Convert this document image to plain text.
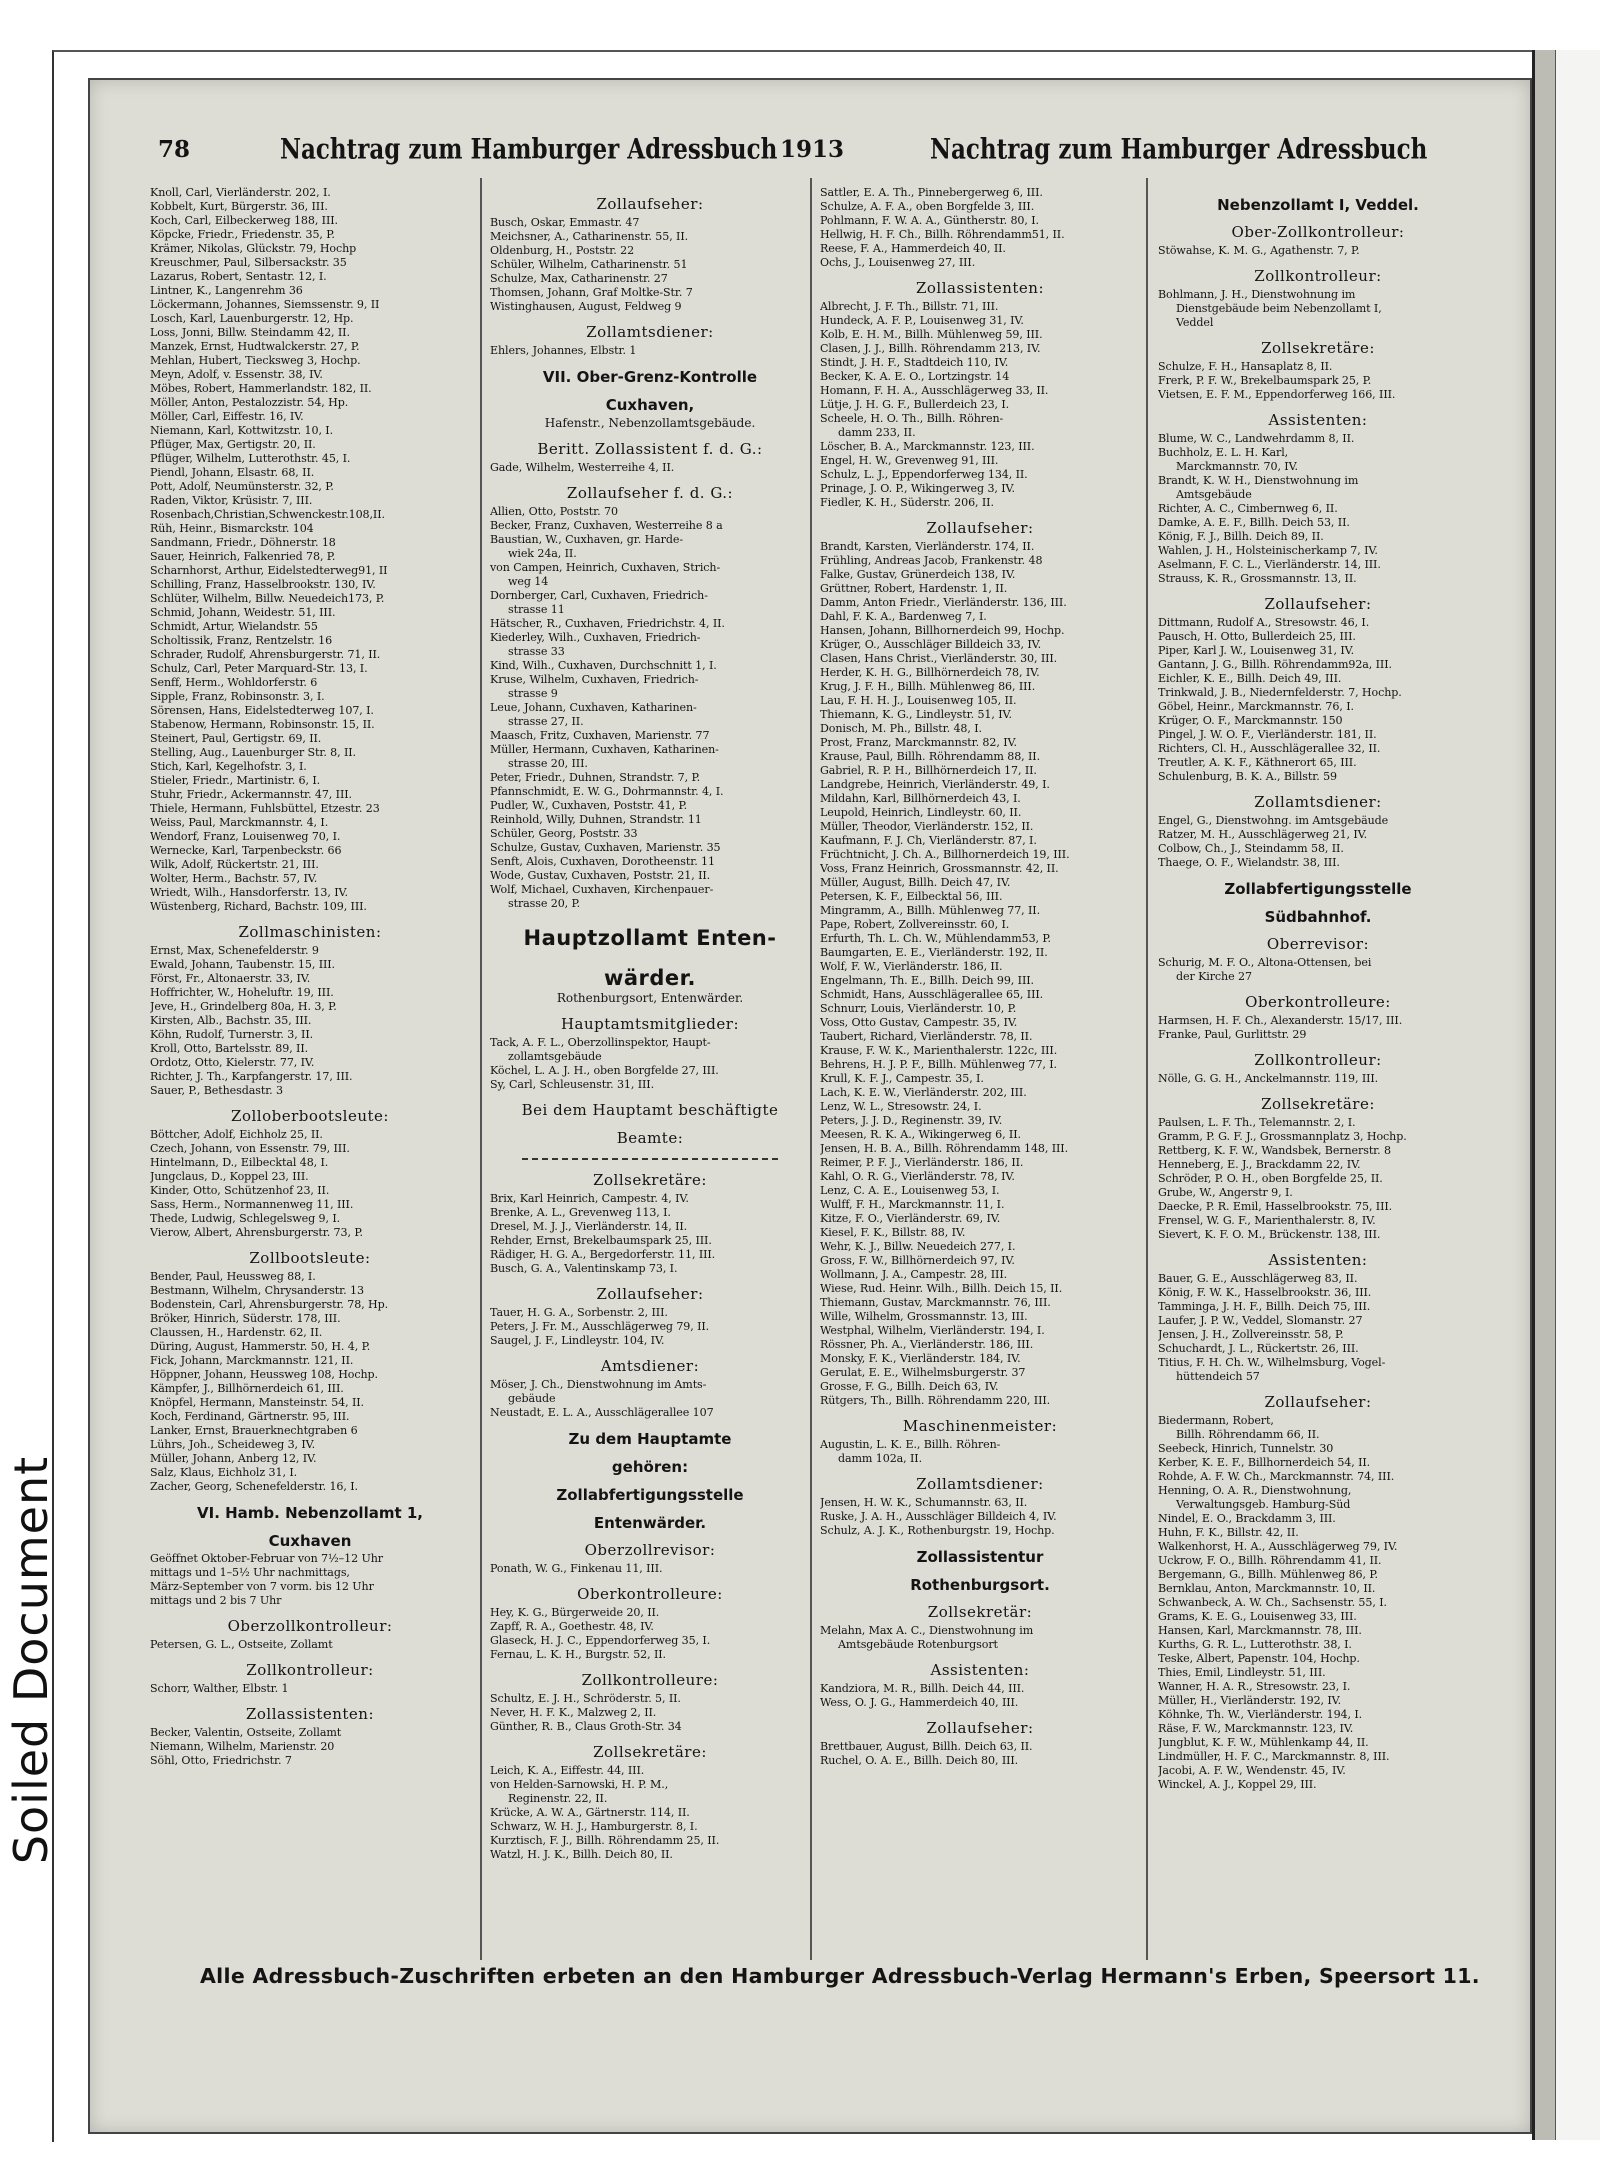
Soiled Document
78	Nachtrag zum Hamburger Adressbuch 1913	Nachtrag zum Hamburger Adressbuch
Knoll, Carl, Vierländerstr. 202, I.
Kobbelt, Kurt, Bürgerstr. 36, III.
Koch, Carl, Eilbeckerweg 188, III.
Köpcke, Friedr., Friedenstr. 35, P.
Krämer, Nikolas, Glückstr. 79, Hochp
Kreuschmer, Paul, Silbersackstr. 35
Lazarus, Robert, Sentastr. 12, I.
Lintner, K., Langenrehm 36
Löckermann, Johannes, Siemssenstr. 9, II
Losch, Karl, Lauenburgerstr. 12, Hp.
Loss, Jonni, Billw. Steindamm 42, II.
Manzek, Ernst, Hudtwalckerstr. 27, P.
Mehlan, Hubert, Tiecksweg 3, Hochp.
Meyn, Adolf, v. Essenstr. 38, IV.
Möbes, Robert, Hammerlandstr. 182, II.
Möller, Anton, Pestalozzistr. 54, Hp.
Möller, Carl, Eiffestr. 16, IV.
Niemann, Karl, Kottwitzstr. 10, I.
Pflüger, Max, Gertigstr. 20, II.
Pflüger, Wilhelm, Lutterothstr. 45, I.
Piendl, Johann, Elsastr. 68, II.
Pott, Adolf, Neumünsterstr. 32, P.
Raden, Viktor, Krüsistr. 7, III.
Rosenbach,Christian,Schwenckestr.108,II.
Rüh, Heinr., Bismarckstr. 104
Sandmann, Friedr., Döhnerstr. 18
Sauer, Heinrich, Falkenried 78, P.
Scharnhorst, Arthur, Eidelstedterweg91, II
Schilling, Franz, Hasselbrookstr. 130, IV.
Schlüter, Wilhelm, Billw. Neuedeich173, P.
Schmid, Johann, Weidestr. 51, III.
Schmidt, Artur, Wielandstr. 55
Scholtissik, Franz, Rentzelstr. 16
Schrader, Rudolf, Ahrensburgerstr. 71, II.
Schulz, Carl, Peter Marquard-Str. 13, I.
Senff, Herm., Wohldorferstr. 6
Sipple, Franz, Robinsonstr. 3, I.
Sörensen, Hans, Eidelstedterweg 107, I.
Stabenow, Hermann, Robinsonstr. 15, II.
Steinert, Paul, Gertigstr. 69, II.
Stelling, Aug., Lauenburger Str. 8, II.
Stich, Karl, Kegelhofstr. 3, I.
Stieler, Friedr., Martinistr. 6, I.
Stuhr, Friedr., Ackermannstr. 47, III.
Thiele, Hermann, Fuhlsbüttel, Etzestr. 23
Weiss, Paul, Marckmannstr. 4, I.
Wendorf, Franz, Louisenweg 70, I.
Wernecke, Karl, Tarpenbeckstr. 66
Wilk, Adolf, Rückertstr. 21, III.
Wolter, Herm., Bachstr. 57, IV.
Wriedt, Wilh., Hansdorferstr. 13, IV.
Wüstenberg, Richard, Bachstr. 109, III.
Zollmaschinisten:
Ernst, Max, Schenefelderstr. 9
Ewald, Johann, Taubenstr. 15, III.
Först, Fr., Altonaerstr. 33, IV.
Hoffrichter, W., Hoheluftr. 19, III.
Jeve, H., Grindelberg 80a, H. 3, P.
Kirsten, Alb., Bachstr. 35, III.
Köhn, Rudolf, Turnerstr. 3, II.
Kroll, Otto, Bartelsstr. 89, II.
Ordotz, Otto, Kielerstr. 77, IV.
Richter, J. Th., Karpfangerstr. 17, III.
Sauer, P., Bethesdastr. 3
Zolloberbootsleute:
Böttcher, Adolf, Eichholz 25, II.
Czech, Johann, von Essenstr. 79, III.
Hintelmann, D., Eilbecktal 48, I.
Jungclaus, D., Koppel 23, III.
Kinder, Otto, Schützenhof 23, II.
Sass, Herm., Normannenweg 11, III.
Thede, Ludwig, Schlegelsweg 9, I.
Vierow, Albert, Ahrensburgerstr. 73, P.
Zollbootsleute:
Bender, Paul, Heussweg 88, I.
Bestmann, Wilhelm, Chrysanderstr. 13
Bodenstein, Carl, Ahrensburgerstr. 78, Hp.
Bröker, Hinrich, Süderstr. 178, III.
Claussen, H., Hardenstr. 62, II.
Düring, August, Hammerstr. 50, H. 4, P.
Fick, Johann, Marckmannstr. 121, II.
Höppner, Johann, Heussweg 108, Hochp.
Kämpfer, J., Billhörnerdeich 61, III.
Knöpfel, Hermann, Mansteinstr. 54, II.
Koch, Ferdinand, Gärtnerstr. 95, III.
Lanker, Ernst, Brauerknechtgraben 6
Lührs, Joh., Scheideweg 3, IV.
Müller, Johann, Anberg 12, IV.
Salz, Klaus, Eichholz 31, I.
Zacher, Georg, Schenefelderstr. 16, I.
VI. Hamb. Nebenzollamt 1,
Cuxhaven
Geöffnet Oktober-Februar von 7½–12 Uhr
mittags und 1–5½ Uhr nachmittags,
März-September von 7 vorm. bis 12 Uhr
mittags und 2 bis 7 Uhr
Oberzollkontrolleur:
Petersen, G. L., Ostseite, Zollamt
Zollkontrolleur:
Schorr, Walther, Elbstr. 1
Zollassistenten:
Becker, Valentin, Ostseite, Zollamt
Niemann, Wilhelm, Marienstr. 20
Söhl, Otto, Friedrichstr. 7
Zollaufseher:
Busch, Oskar, Emmastr. 47
Meichsner, A., Catharinenstr. 55, II.
Oldenburg, H., Poststr. 22
Schüler, Wilhelm, Catharinenstr. 51
Schulze, Max, Catharinenstr. 27
Thomsen, Johann, Graf Moltke-Str. 7
Wistinghausen, August, Feldweg 9
Zollamtsdiener:
Ehlers, Johannes, Elbstr. 1
VII. Ober-Grenz-Kontrolle
Cuxhaven,
Hafenstr., Nebenzollamtsgebäude.
Beritt. Zollassistent f. d. G.:
Gade, Wilhelm, Westerreihe 4, II.
Zollaufseher f. d. G.:
Allien, Otto, Poststr. 70
Becker, Franz, Cuxhaven, Westerreihe 8 a
Baustian, W., Cuxhaven, gr. Harde-
wiek 24a, II.
von Campen, Heinrich, Cuxhaven, Strich-
weg 14
Dornberger, Carl, Cuxhaven, Friedrich-
strasse 11
Hätscher, R., Cuxhaven, Friedrichstr. 4, II.
Kiederley, Wilh., Cuxhaven, Friedrich-
strasse 33
Kind, Wilh., Cuxhaven, Durchschnitt 1, I.
Kruse, Wilhelm, Cuxhaven, Friedrich-
strasse 9
Leue, Johann, Cuxhaven, Katharinen-
strasse 27, II.
Maasch, Fritz, Cuxhaven, Marienstr. 77
Müller, Hermann, Cuxhaven, Katharinen-
strasse 20, III.
Peter, Friedr., Duhnen, Strandstr. 7, P.
Pfannschmidt, E. W. G., Dohrmannstr. 4, I.
Pudler, W., Cuxhaven, Poststr. 41, P.
Reinhold, Willy, Duhnen, Strandstr. 11
Schüler, Georg, Poststr. 33
Schulze, Gustav, Cuxhaven, Marienstr. 35
Senft, Alois, Cuxhaven, Dorotheenstr. 11
Wode, Gustav, Cuxhaven, Poststr. 21, II.
Wolf, Michael, Cuxhaven, Kirchenpauer-
strasse 20, P.
Hauptzollamt Enten-
wärder.
Rothenburgsort, Entenwärder.
Hauptamtsmitglieder:
Tack, A. F. L., Oberzollinspektor, Haupt-
zollamtsgebäude
Köchel, L. A. J. H., oben Borgfelde 27, III.
Sy, Carl, Schleusenstr. 31, III.
Bei dem Hauptamt beschäftigte
Beamte:
Zollsekretäre:
Brix, Karl Heinrich, Campestr. 4, IV.
Brenke, A. L., Grevenweg 113, I.
Dresel, M. J. J., Vierländerstr. 14, II.
Rehder, Ernst, Brekelbaumspark 25, III.
Rädiger, H. G. A., Bergedorferstr. 11, III.
Busch, G. A., Valentinskamp 73, I.
Zollaufseher:
Tauer, H. G. A., Sorbenstr. 2, III.
Peters, J. Fr. M., Ausschlägerweg 79, II.
Saugel, J. F., Lindleystr. 104, IV.
Amtsdiener:
Möser, J. Ch., Dienstwohnung im Amts-
gebäude
Neustadt, E. L. A., Ausschlägerallee 107
Zu dem Hauptamte
gehören:
Zollabfertigungsstelle
Entenwärder.
Oberzollrevisor:
Ponath, W. G., Finkenau 11, III.
Oberkontrolleure:
Hey, K. G., Bürgerweide 20, II.
Zapff, R. A., Goethestr. 48, IV.
Glaseck, H. J. C., Eppendorferweg 35, I.
Fernau, L. K. H., Burgstr. 52, II.
Zollkontrolleure:
Schultz, E. J. H., Schröderstr. 5, II.
Never, H. F. K., Malzweg 2, II.
Günther, R. B., Claus Groth-Str. 34
Zollsekretäre:
Leich, K. A., Eiffestr. 44, III.
von Helden-Sarnowski, H. P. M.,
Reginenstr. 22, II.
Krücke, A. W. A., Gärtnerstr. 114, II.
Schwarz, W. H. J., Hamburgerstr. 8, I.
Kurztisch, F. J., Billh. Röhrendamm 25, II.
Watzl, H. J. K., Billh. Deich 80, II.
Sattler, E. A. Th., Pinnebergerweg 6, III.
Schulze, A. F. A., oben Borgfelde 3, III.
Pohlmann, F. W. A. A., Güntherstr. 80, I.
Hellwig, H. F. Ch., Billh. Röhrendamm51, II.
Reese, F. A., Hammerdeich 40, II.
Ochs, J., Louisenweg 27, III.
Zollassistenten:
Albrecht, J. F. Th., Billstr. 71, III.
Hundeck, A. F. P., Louisenweg 31, IV.
Kolb, E. H. M., Billh. Mühlenweg 59, III.
Clasen, J. J., Billh. Röhrendamm 213, IV.
Stindt, J. H. F., Stadtdeich 110, IV.
Becker, K. A. E. O., Lortzingstr. 14
Homann, F. H. A., Ausschlägerweg 33, II.
Lütje, J. H. G. F., Bullerdeich 23, I.
Scheele, H. O. Th., Billh. Röhren-
damm 233, II.
Löscher, B. A., Marckmannstr. 123, III.
Engel, H. W., Grevenweg 91, III.
Schulz, L. J., Eppendorferweg 134, II.
Prinage, J. O. P., Wikingerweg 3, IV.
Fiedler, K. H., Süderstr. 206, II.
Zollaufseher:
Brandt, Karsten, Vierländerstr. 174, II.
Frühling, Andreas Jacob, Frankenstr. 48
Falke, Gustav, Grünerdeich 138, IV.
Grüttner, Robert, Hardenstr. 1, II.
Damm, Anton Friedr., Vierländerstr. 136, III.
Dahl, F. K. A., Bardenweg 7, I.
Hansen, Johann, Billhornerdeich 99, Hochp.
Krüger, O., Ausschläger Billdeich 33, IV.
Clasen, Hans Christ., Vierländerstr. 30, III.
Herder, K. H. G., Billhörnerdeich 78, IV.
Krug, J. F. H., Billh. Mühlenweg 86, III.
Lau, F. H. H. J., Louisenweg 105, II.
Thiemann, K. G., Lindleystr. 51, IV.
Donisch, M. Ph., Billstr. 48, I.
Prost, Franz, Marckmannstr. 82, IV.
Krause, Paul, Billh. Röhrendamm 88, II.
Gabriel, R. P. H., Billhörnerdeich 17, II.
Landgrebe, Heinrich, Vierländerstr. 49, I.
Mildahn, Karl, Billhörnerdeich 43, I.
Leupold, Heinrich, Lindleystr. 60, II.
Müller, Theodor, Vierländerstr. 152, II.
Kaufmann, F. J. Ch, Vierländerstr. 87, I.
Früchtnicht, J. Ch. A., Billhornerdeich 19, III.
Voss, Franz Heinrich, Grossmannstr. 42, II.
Müller, August, Billh. Deich 47, IV.
Petersen, K. F., Eilbecktal 56, III.
Mingramm, A., Billh. Mühlenweg 77, II.
Pape, Robert, Zollvereinsstr. 60, I.
Erfurth, Th. L. Ch. W., Mühlendamm53, P.
Baumgarten, E. E., Vierländerstr. 192, II.
Wolf, F. W., Vierländerstr. 186, II.
Engelmann, Th. E., Billh. Deich 99, III.
Schmidt, Hans, Ausschlägerallee 65, III.
Schnurr, Louis, Vierländerstr. 10, P.
Voss, Otto Gustav, Campestr. 35, IV.
Taubert, Richard, Vierländerstr. 78, II.
Krause, F. W. K., Marienthalerstr. 122c, III.
Behrens, H. J. P. F., Billh. Mühlenweg 77, I.
Krull, K. F. J., Campestr. 35, I.
Lach, K. E. W., Vierländerstr. 202, III.
Lenz, W. L., Stresowstr. 24, I.
Peters, J. J. D., Reginenstr. 39, IV.
Meesen, R. K. A., Wikingerweg 6, II.
Jensen, H. B. A., Billh. Röhrendamm 148, III.
Reimer, P. F. J., Vierländerstr. 186, II.
Kahl, O. R. G., Vierländerstr. 78, IV.
Lenz, C. A. E., Louisenweg 53, I.
Wulff, F. H., Marckmannstr. 11, I.
Kitze, F. O., Vierländerstr. 69, IV.
Kiesel, F. K., Billstr. 88, IV.
Wehr, K. J., Billw. Neuedeich 277, I.
Gross, F. W., Billhörnerdeich 97, IV.
Wollmann, J. A., Campestr. 28, III.
Wiese, Rud. Heinr. Wilh., Billh. Deich 15, II.
Thiemann, Gustav, Marckmannstr. 76, III.
Wille, Wilhelm, Grossmannstr. 13, III.
Westphal, Wilhelm, Vierländerstr. 194, I.
Rössner, Ph. A., Vierländerstr. 186, III.
Monsky, F. K., Vierländerstr. 184, IV.
Gerulat, E. E., Wilhelmsburgerstr. 37
Grosse, F. G., Billh. Deich 63, IV.
Rütgers, Th., Billh. Röhrendamm 220, III.
Maschinenmeister:
Augustin, L. K. E., Billh. Röhren-
damm 102a, II.
Zollamtsdiener:
Jensen, H. W. K., Schumannstr. 63, II.
Ruske, J. A. H., Ausschläger Billdeich 4, IV.
Schulz, A. J. K., Rothenburgstr. 19, Hochp.
Zollassistentur
Rothenburgsort.
Zollsekretär:
Melahn, Max A. C., Dienstwohnung im
Amtsgebäude Rotenburgsort
Assistenten:
Kandziora, M. R., Billh. Deich 44, III.
Wess, O. J. G., Hammerdeich 40, III.
Zollaufseher:
Brettbauer, August, Billh. Deich 63, II.
Ruchel, O. A. E., Billh. Deich 80, III.
Nebenzollamt I, Veddel.
Ober-Zollkontrolleur:
Stöwahse, K. M. G., Agathenstr. 7, P.
Zollkontrolleur:
Bohlmann, J. H., Dienstwohnung im
Dienstgebäude beim Nebenzollamt I,
Veddel
Zollsekretäre:
Schulze, F. H., Hansaplatz 8, II.
Frerk, P. F. W., Brekelbaumspark 25, P.
Vietsen, E. F. M., Eppendorferweg 166, III.
Assistenten:
Blume, W. C., Landwehrdamm 8, II.
Buchholz, E. L. H. Karl,
Marckmannstr. 70, IV.
Brandt, K. W. H., Dienstwohnung im
Amtsgebäude
Richter, A. C., Cimbernweg 6, II.
Damke, A. E. F., Billh. Deich 53, II.
König, F. J., Billh. Deich 89, II.
Wahlen, J. H., Holsteinischerkamp 7, IV.
Aselmann, F. C. L., Vierländerstr. 14, III.
Strauss, K. R., Grossmannstr. 13, II.
Zollaufseher:
Dittmann, Rudolf A., Stresowstr. 46, I.
Pausch, H. Otto, Bullerdeich 25, III.
Piper, Karl J. W., Louisenweg 31, IV.
Gantann, J. G., Billh. Röhrendamm92a, III.
Eichler, K. E., Billh. Deich 49, III.
Trinkwald, J. B., Niedernfelderstr. 7, Hochp.
Göbel, Heinr., Marckmannstr. 76, I.
Krüger, O. F., Marckmannstr. 150
Pingel, J. W. O. F., Vierländerstr. 181, II.
Richters, Cl. H., Ausschlägerallee 32, II.
Treutler, A. K. F., Käthnerort 65, III.
Schulenburg, B. K. A., Billstr. 59
Zollamtsdiener:
Engel, G., Dienstwohng. im Amtsgebäude
Ratzer, M. H., Ausschlägerweg 21, IV.
Colbow, Ch., J., Steindamm 58, II.
Thaege, O. F., Wielandstr. 38, III.
Zollabfertigungsstelle
Südbahnhof.
Oberrevisor:
Schurig, M. F. O., Altona-Ottensen, bei
der Kirche 27
Oberkontrolleure:
Harmsen, H. F. Ch., Alexanderstr. 15/17, III.
Franke, Paul, Gurlittstr. 29
Zollkontrolleur:
Nölle, G. G. H., Anckelmannstr. 119, III.
Zollsekretäre:
Paulsen, L. F. Th., Telemannstr. 2, I.
Gramm, P. G. F. J., Grossmannplatz 3, Hochp.
Rettberg, K. F. W., Wandsbek, Bernerstr. 8
Henneberg, E. J., Brackdamm 22, IV.
Schröder, P. O. H., oben Borgfelde 25, II.
Grube, W., Angerstr 9, I.
Daecke, P. R. Emil, Hasselbrookstr. 75, III.
Frensel, W. G. F., Marienthalerstr. 8, IV.
Sievert, K. F. O. M., Brückenstr. 138, III.
Assistenten:
Bauer, G. E., Ausschlägerweg 83, II.
König, F. W. K., Hasselbrookstr. 36, III.
Tamminga, J. H. F., Billh. Deich 75, III.
Laufer, J. P. W., Veddel, Slomanstr. 27
Jensen, J. H., Zollvereinsstr. 58, P.
Schuchardt, J. L., Rückertstr. 26, III.
Titius, F. H. Ch. W., Wilhelmsburg, Vogel-
hüttendeich 57
Zollaufseher:
Biedermann, Robert,
Billh. Röhrendamm 66, II.
Seebeck, Hinrich, Tunnelstr. 30
Kerber, K. E. F., Billhornerdeich 54, II.
Rohde, A. F. W. Ch., Marckmannstr. 74, III.
Henning, O. A. R., Dienstwohnung,
Verwaltungsgeb. Hamburg-Süd
Nindel, E. O., Brackdamm 3, III.
Huhn, F. K., Billstr. 42, II.
Walkenhorst, H. A., Ausschlägerweg 79, IV.
Uckrow, F. O., Billh. Röhrendamm 41, II.
Bergemann, G., Billh. Mühlenweg 86, P.
Bernklau, Anton, Marckmannstr. 10, II.
Schwanbeck, A. W. Ch., Sachsenstr. 55, I.
Grams, K. E. G., Louisenweg 33, III.
Hansen, Karl, Marckmannstr. 78, III.
Kurths, G. R. L., Lutterothstr. 38, I.
Teske, Albert, Papenstr. 104, Hochp.
Thies, Emil, Lindleystr. 51, III.
Wanner, H. A. R., Stresowstr. 23, I.
Müller, H., Vierländerstr. 192, IV.
Köhnke, Th. W., Vierländerstr. 194, I.
Räse, F. W., Marckmannstr. 123, IV.
Jungblut, K. F. W., Mühlenkamp 44, II.
Lindmüller, H. F. C., Marckmannstr. 8, III.
Jacobi, A. F. W., Wendenstr. 45, IV.
Winckel, A. J., Koppel 29, III.
Alle Adressbuch-Zuschriften erbeten an den Hamburger Adressbuch-Verlag Hermann's Erben, Speersort 11.
